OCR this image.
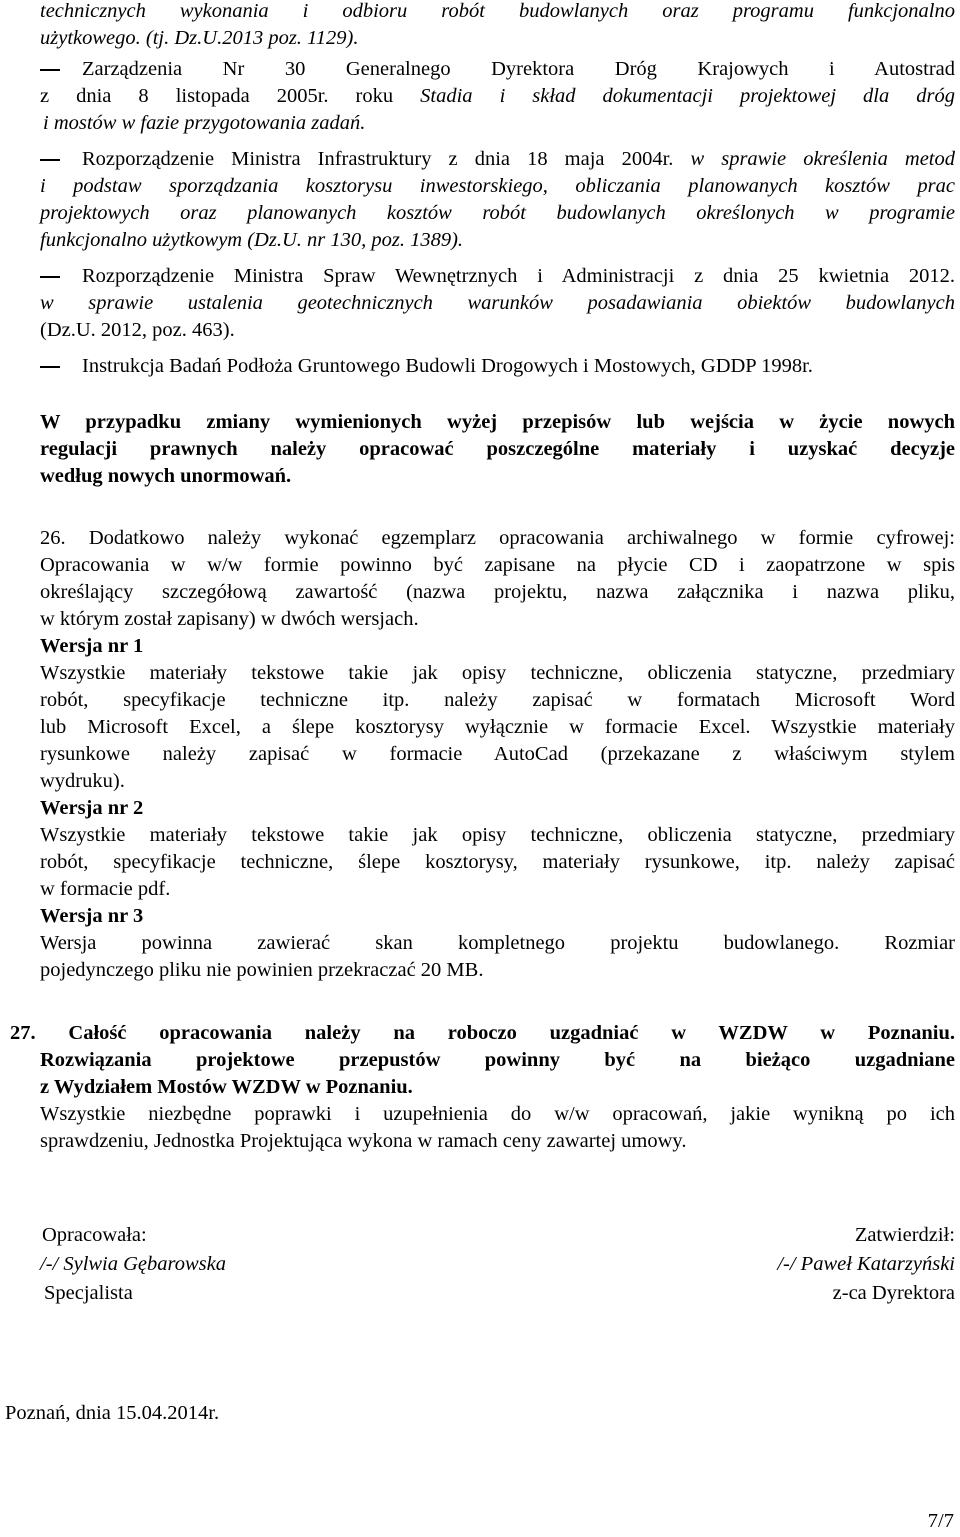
technicznych wykonania i odbioru robót budowlanych oraz programu funkcjonalno
użytkowego. (tj. Dz.U.2013 poz. 1129).
Zarządzenia Nr 30 Generalnego Dyrektora Dróg Krajowych i Autostrad
z dnia 8 listopada 2005r. roku Stadia i skład dokumentacji projektowej dla dróg
i mostów w fazie przygotowania zadań.
Rozporządzenie Ministra Infrastruktury z dnia 18 maja 2004r. w sprawie określenia metod
i podstaw sporządzania kosztorysu inwestorskiego, obliczania planowanych kosztów prac
projektowych oraz planowanych kosztów robót budowlanych określonych w programie
funkcjonalno użytkowym (Dz.U. nr 130, poz. 1389).
Rozporządzenie Ministra Spraw Wewnętrznych i Administracji z dnia 25 kwietnia 2012.
w sprawie ustalenia geotechnicznych warunków posadawiania obiektów budowlanych
(Dz.U. 2012, poz. 463).
Instrukcja Badań Podłoża Gruntowego Budowli Drogowych i Mostowych, GDDP 1998r.
W przypadku zmiany wymienionych wyżej przepisów lub wejścia w życie nowych
regulacji prawnych należy opracować poszczególne materiały i uzyskać decyzje
według nowych unormowań.
26. Dodatkowo należy wykonać egzemplarz opracowania archiwalnego w formie cyfrowej:
Opracowania w w/w formie powinno być zapisane na płycie CD i zaopatrzone w spis
określający szczegółową zawartość (nazwa projektu, nazwa załącznika i nazwa pliku,
w którym został zapisany) w dwóch wersjach.
Wersja nr 1
Wszystkie materiały tekstowe takie jak opisy techniczne, obliczenia statyczne, przedmiary
robót, specyfikacje techniczne itp. należy zapisać w formatach Microsoft Word
lub Microsoft Excel, a ślepe kosztorysy wyłącznie w formacie Excel. Wszystkie materiały
rysunkowe należy zapisać w formacie AutoCad (przekazane z właściwym stylem
wydruku).
Wersja nr 2
Wszystkie materiały tekstowe takie jak opisy techniczne, obliczenia statyczne, przedmiary
robót, specyfikacje techniczne, ślepe kosztorysy, materiały rysunkowe, itp. należy zapisać
w formacie pdf.
Wersja nr 3
Wersja powinna zawierać skan kompletnego projektu budowlanego. Rozmiar
pojedynczego pliku nie powinien przekraczać 20 MB.
27. Całość opracowania należy na roboczo uzgadniać w WZDW w Poznaniu.
Rozwiązania projektowe przepustów powinny być na bieżąco uzgadniane
z Wydziałem Mostów WZDW w Poznaniu.
Wszystkie niezbędne poprawki i uzupełnienia do w/w opracowań, jakie wynikną po ich
sprawdzeniu, Jednostka Projektująca wykona w ramach ceny zawartej umowy.
Opracowała:
/-/ Sylwia Gębarowska
Specjalista
Zatwierdził:
/-/ Paweł Katarzyński
z-ca Dyrektora
Poznań, dnia 15.04.2014r.
7/7
